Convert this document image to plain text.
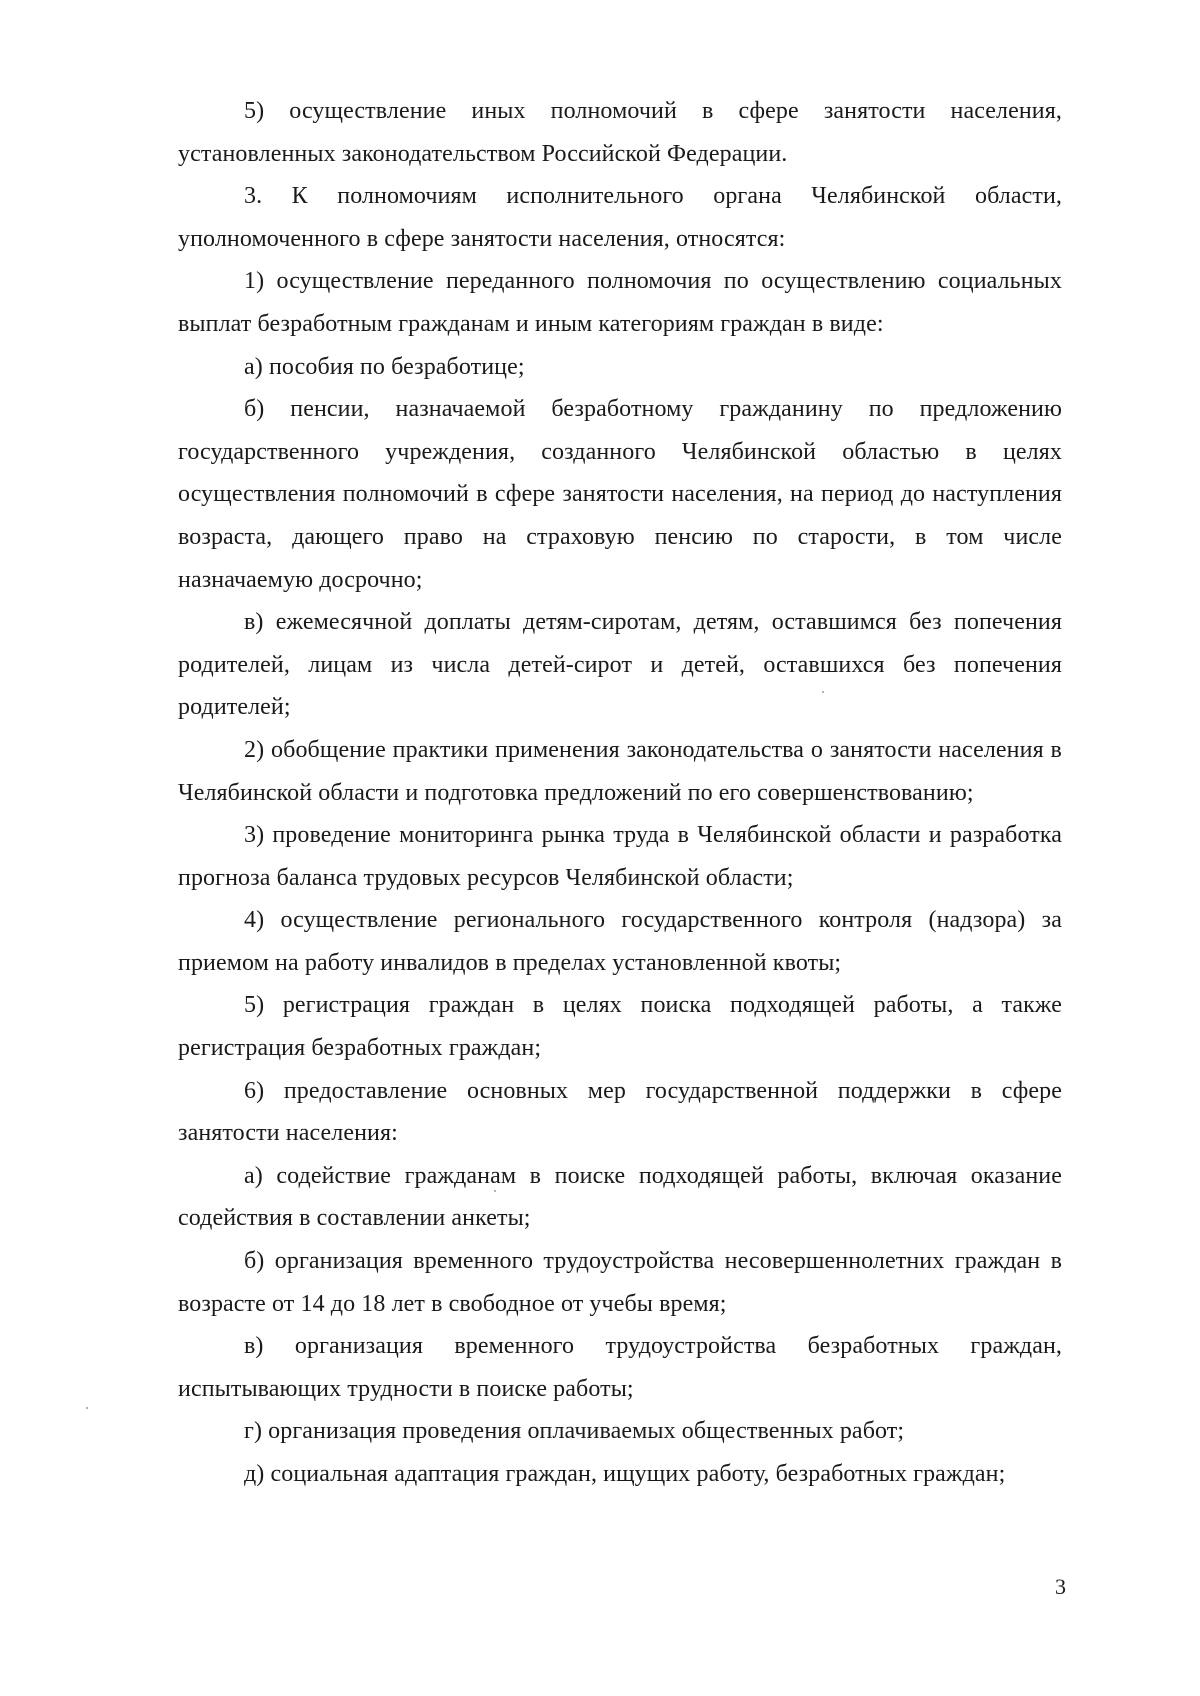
5) осуществление иных полномочий в сфере занятости населения, установленных законодательством Российской Федерации.

3. К полномочиям исполнительного органа Челябинской области, уполномоченного в сфере занятости населения, относятся:

1) осуществление переданного полномочия по осуществлению социальных выплат безработным гражданам и иным категориям граждан в виде:

а) пособия по безработице;

б) пенсии, назначаемой безработному гражданину по предложению государственного учреждения, созданного Челябинской областью в целях осуществления полномочий в сфере занятости населения, на период до наступления возраста, дающего право на страховую пенсию по старости, в том числе назначаемую досрочно;

в) ежемесячной доплаты детям-сиротам, детям, оставшимся без попечения родителей, лицам из числа детей-сирот и детей, оставшихся без попечения родителей;

2) обобщение практики применения законодательства о занятости населения в Челябинской области и подготовка предложений по его совершенствованию;

3) проведение мониторинга рынка труда в Челябинской области и разработка прогноза баланса трудовых ресурсов Челябинской области;

4) осуществление регионального государственного контроля (надзора) за приемом на работу инвалидов в пределах установленной квоты;

5) регистрация граждан в целях поиска подходящей работы, а также регистрация безработных граждан;

6) предоставление основных мер государственной поддержки в сфере занятости населения:

а) содействие гражданам в поиске подходящей работы, включая оказание содействия в составлении анкеты;

б) организация временного трудоустройства несовершеннолетних граждан в возрасте от 14 до 18 лет в свободное от учебы время;

в) организация временного трудоустройства безработных граждан, испытывающих трудности в поиске работы;

г) организация проведения оплачиваемых общественных работ;

д) социальная адаптация граждан, ищущих работу, безработных граждан;

3
